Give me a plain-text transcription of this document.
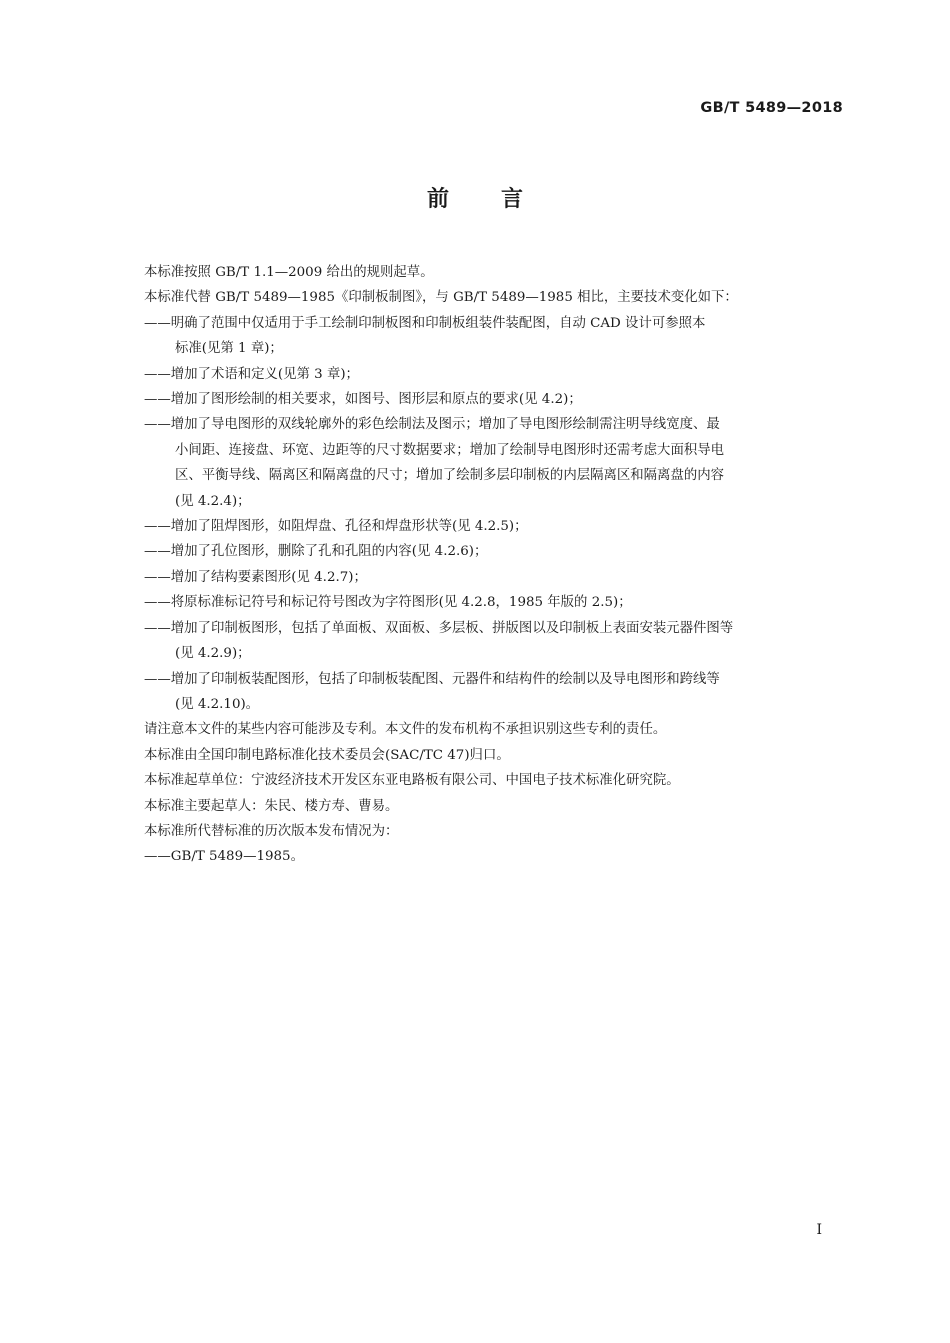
GB/T 5489—2018
前言
本标准按照 GB/T 1.1—2009 给出的规则起草。
本标准代替 GB/T 5489—1985《印制板制图》，与 GB/T 5489—1985 相比，主要技术变化如下：
——明确了范围中仅适用于手工绘制印制板图和印制板组装件装配图，自动 CAD 设计可参照本
标准(见第 1 章)；
——增加了术语和定义(见第 3 章)；
——增加了图形绘制的相关要求，如图号、图形层和原点的要求(见 4.2)；
——增加了导电图形的双线轮廓外的彩色绘制法及图示；增加了导电图形绘制需注明导线宽度、最
小间距、连接盘、环宽、边距等的尺寸数据要求；增加了绘制导电图形时还需考虑大面积导电
区、平衡导线、隔离区和隔离盘的尺寸；增加了绘制多层印制板的内层隔离区和隔离盘的内容
(见 4.2.4)；
——增加了阻焊图形，如阻焊盘、孔径和焊盘形状等(见 4.2.5)；
——增加了孔位图形，删除了孔和孔阻的内容(见 4.2.6)；
——增加了结构要素图形(见 4.2.7)；
——将原标准标记符号和标记符号图改为字符图形(见 4.2.8，1985 年版的 2.5)；
——增加了印制板图形，包括了单面板、双面板、多层板、拼版图以及印制板上表面安装元器件图等
(见 4.2.9)；
——增加了印制板装配图形，包括了印制板装配图、元器件和结构件的绘制以及导电图形和跨线等
(见 4.2.10)。
请注意本文件的某些内容可能涉及专利。本文件的发布机构不承担识别这些专利的责任。
本标准由全国印制电路标准化技术委员会(SAC/TC 47)归口。
本标准起草单位：宁波经济技术开发区东亚电路板有限公司、中国电子技术标准化研究院。
本标准主要起草人：朱民、楼方寿、曹易。
本标准所代替标准的历次版本发布情况为：
——GB/T 5489—1985。
I
